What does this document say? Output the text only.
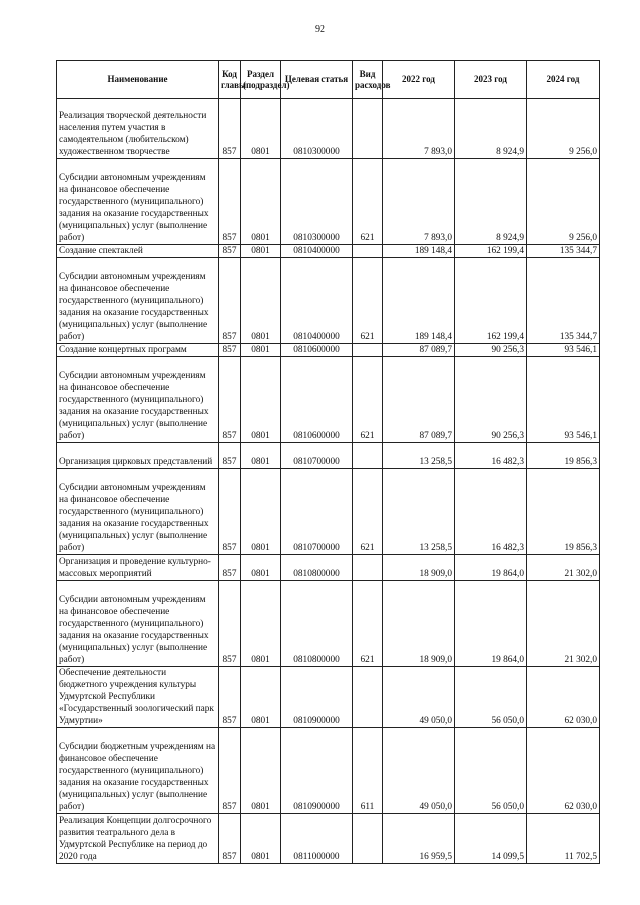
92
Наименование	Код главы	Раздел (подраздел)	Целевая статья	Вид расходов	2022 год	2023 год	2024 год
Реализация творческой деятельности населения путем участия в самодеятельном (любительском) художественном творчестве	857	0801	0810300000		7 893,0	8 924,9	9 256,0
Субсидии автономным учреждениям на финансовое обеспечение государственного (муниципального) задания на оказание государственных (муниципальных) услуг (выполнение работ)	857	0801	0810300000	621	7 893,0	8 924,9	9 256,0
Создание спектаклей	857	0801	0810400000		189 148,4	162 199,4	135 344,7
Субсидии автономным учреждениям на финансовое обеспечение государственного (муниципального) задания на оказание государственных (муниципальных) услуг (выполнение работ)	857	0801	0810400000	621	189 148,4	162 199,4	135 344,7
Создание концертных программ	857	0801	0810600000		87 089,7	90 256,3	93 546,1
Субсидии автономным учреждениям на финансовое обеспечение государственного (муниципального) задания на оказание государственных (муниципальных) услуг (выполнение работ)	857	0801	0810600000	621	87 089,7	90 256,3	93 546,1
Организация цирковых представлений	857	0801	0810700000		13 258,5	16 482,3	19 856,3
Субсидии автономным учреждениям на финансовое обеспечение государственного (муниципального) задания на оказание государственных (муниципальных) услуг (выполнение работ)	857	0801	0810700000	621	13 258,5	16 482,3	19 856,3
Организация и проведение культурно-массовых мероприятий	857	0801	0810800000		18 909,0	19 864,0	21 302,0
Субсидии автономным учреждениям на финансовое обеспечение государственного (муниципального) задания на оказание государственных (муниципальных) услуг (выполнение работ)	857	0801	0810800000	621	18 909,0	19 864,0	21 302,0
Обеспечение деятельности бюджетного учреждения культуры Удмуртской Республики «Государственный зоологический парк Удмуртии»	857	0801	0810900000		49 050,0	56 050,0	62 030,0
Субсидии бюджетным учреждениям на финансовое обеспечение государственного (муниципального) задания на оказание государственных (муниципальных) услуг (выполнение работ)	857	0801	0810900000	611	49 050,0	56 050,0	62 030,0
Реализация Концепции долгосрочного развития театрального дела в Удмуртской Республике на период до 2020 года	857	0801	0811000000		16 959,5	14 099,5	11 702,5
